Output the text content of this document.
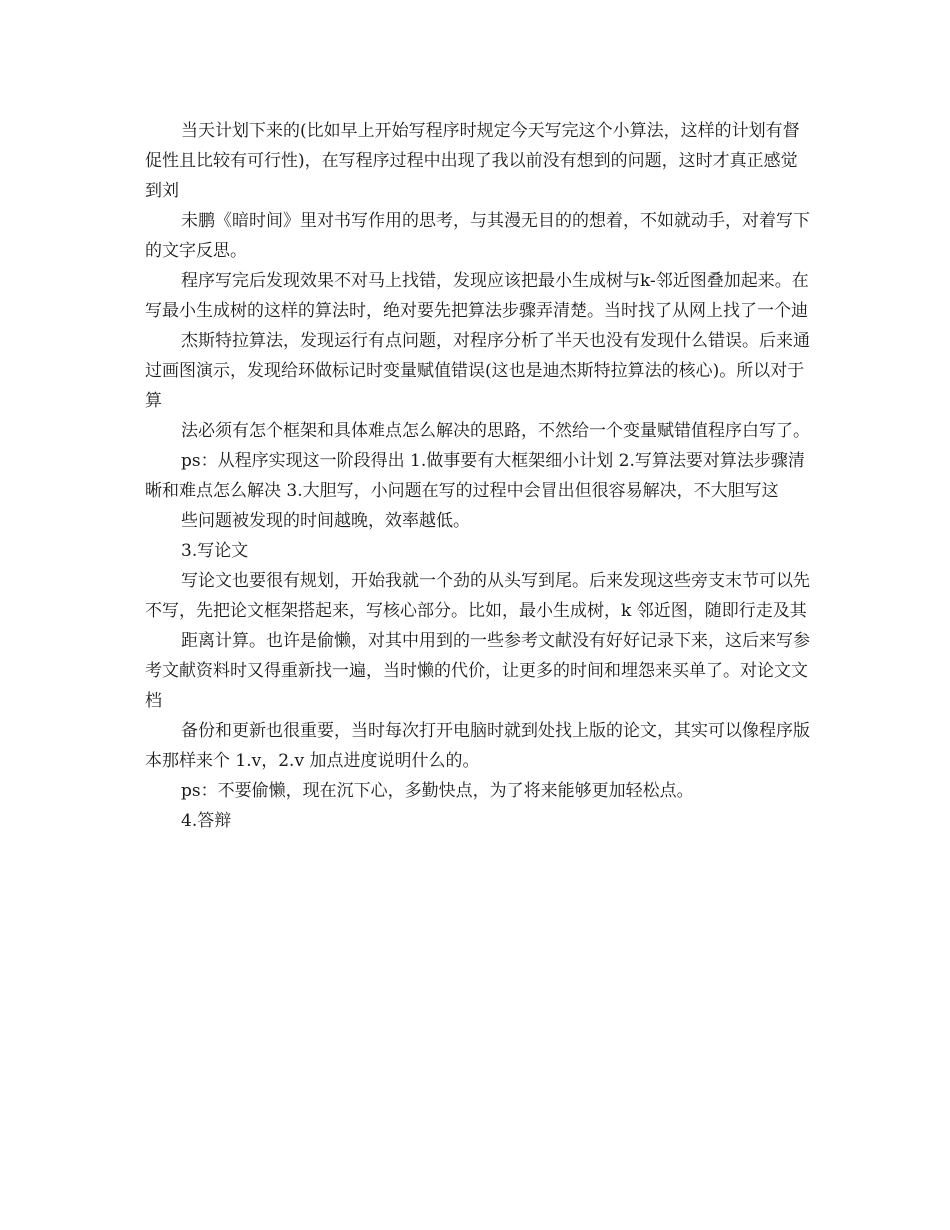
当天计划下来的(比如早上开始写程序时规定今天写完这个小算法，这样的计划有督促性且比较有可行性)，在写程序过程中出现了我以前没有想到的问题，这时才真正感觉到刘

未鹏《暗时间》里对书写作用的思考，与其漫无目的的想着，不如就动手，对着写下的文字反思。

程序写完后发现效果不对马上找错，发现应该把最小生成树与k-邻近图叠加起来。在写最小生成树的这样的算法时，绝对要先把算法步骤弄清楚。当时找了从网上找了一个迪

杰斯特拉算法，发现运行有点问题，对程序分析了半天也没有发现什么错误。后来通过画图演示，发现给环做标记时变量赋值错误(这也是迪杰斯特拉算法的核心)。所以对于算

法必须有怎个框架和具体难点怎么解决的思路，不然给一个变量赋错值程序白写了。

ps：从程序实现这一阶段得出 1.做事要有大框架细小计划 2.写算法要对算法步骤清晰和难点怎么解决 3.大胆写，小问题在写的过程中会冒出但很容易解决，不大胆写这

些问题被发现的时间越晚，效率越低。

3.写论文

写论文也要很有规划，开始我就一个劲的从头写到尾。后来发现这些旁支末节可以先不写，先把论文框架搭起来，写核心部分。比如，最小生成树，k 邻近图，随即行走及其

距离计算。也许是偷懒，对其中用到的一些参考文献没有好好记录下来，这后来写参考文献资料时又得重新找一遍，当时懒的代价，让更多的时间和埋怨来买单了。对论文文档

备份和更新也很重要，当时每次打开电脑时就到处找上版的论文，其实可以像程序版本那样来个 1.v，2.v 加点进度说明什么的。

ps：不要偷懒，现在沉下心，多勤快点，为了将来能够更加轻松点。

4.答辩
